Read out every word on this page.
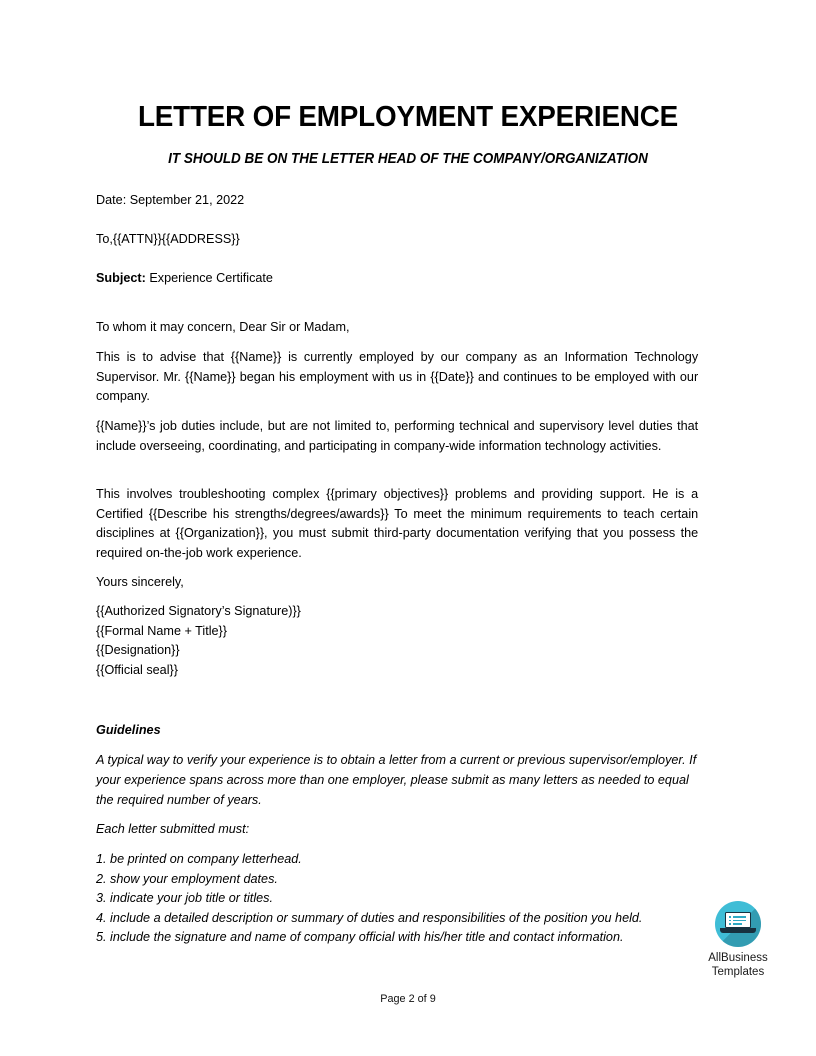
LETTER OF EMPLOYMENT EXPERIENCE
IT SHOULD BE ON THE LETTER HEAD OF THE COMPANY/ORGANIZATION
Date: September 21, 2022
To,{{ATTN}}{{ADDRESS}}
Subject: Experience Certificate
To whom it may concern, Dear Sir or Madam,
This is to advise that {{Name}} is currently employed by our company as an Information Technology Supervisor. Mr. {{Name}} began his employment with us in {{Date}} and continues to be employed with our company.
{{Name}}’s job duties include, but are not limited to, performing technical and supervisory level duties that include overseeing, coordinating, and participating in company-wide information technology activities.
This involves troubleshooting complex {{primary objectives}} problems and providing support. He is a Certified {{Describe his strengths/degrees/awards}} To meet the minimum requirements to teach certain disciplines at {{Organization}}, you must submit third-party documentation verifying that you possess the required on-the-job work experience.
Yours sincerely,
{{Authorized Signatory’s Signature)}}
{{Formal Name + Title}}
{{Designation}}
{{Official seal}}
Guidelines
A typical way to verify your experience is to obtain a letter from a current or previous supervisor/employer. If your experience spans across more than one employer, please submit as many letters as needed to equal the required number of years.
Each letter submitted must:
1. be printed on company letterhead.
2. show your employment dates.
3. indicate your job title or titles.
4. include a detailed description or summary of duties and responsibilities of the position you held.
5. include the signature and name of company official with his/her title and contact information.
AllBusiness
Templates
Page 2 of 9
